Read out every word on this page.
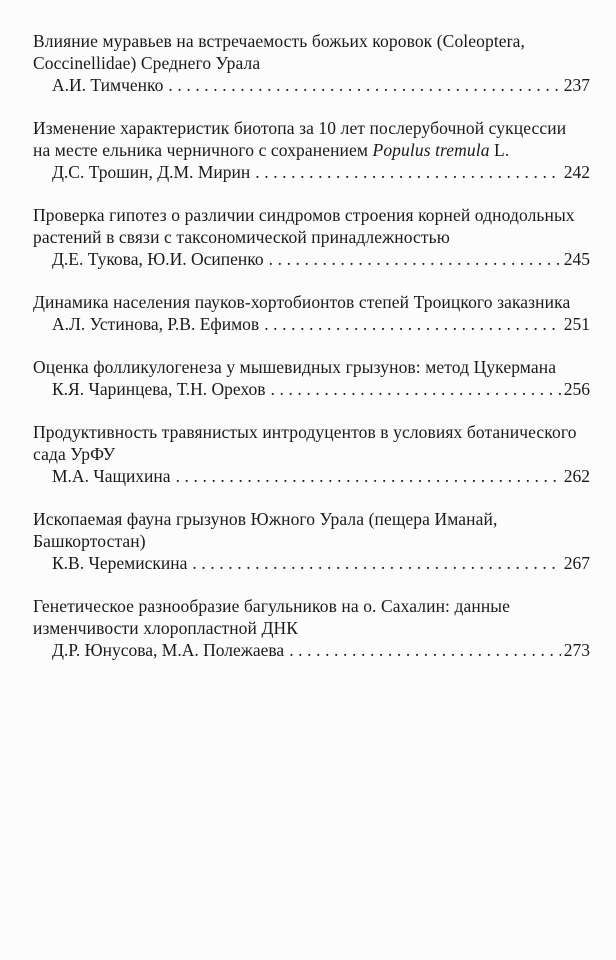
Влияние муравьев на встречаемость божьих коровок (Coleoptera,
Coccinellidae) Среднего Урала
А.И. Тимченко .....	237
Изменение характеристик биотопа за 10 лет послерубочной сукцессии
на месте ельника черничного с сохранением Populus tremula L.
Д.С. Трошин, Д.М. Мирин .....	242
Проверка гипотез о различии синдромов строения корней однодольных
растений в связи с таксономической принадлежностью
Д.Е. Тукова, Ю.И. Осипенко .....	245
Динамика населения пауков-хортобионтов степей Троицкого заказника
А.Л. Устинова, Р.В. Ефимов .....	251
Оценка фолликулогенеза у мышевидных грызунов: метод Цукермана
К.Я. Чаринцева, Т.Н. Орехов .....	256
Продуктивность травянистых интродуцентов в условиях ботанического
сада УрФУ
М.А. Чащихина .....	262
Ископаемая фауна грызунов Южного Урала (пещера Иманай,
Башкортостан)
К.В. Черемискина .....	267
Генетическое разнообразие багульников на о. Сахалин: данные
изменчивости хлоропластной ДНК
Д.Р. Юнусова, М.А. Полежаева .....	273
